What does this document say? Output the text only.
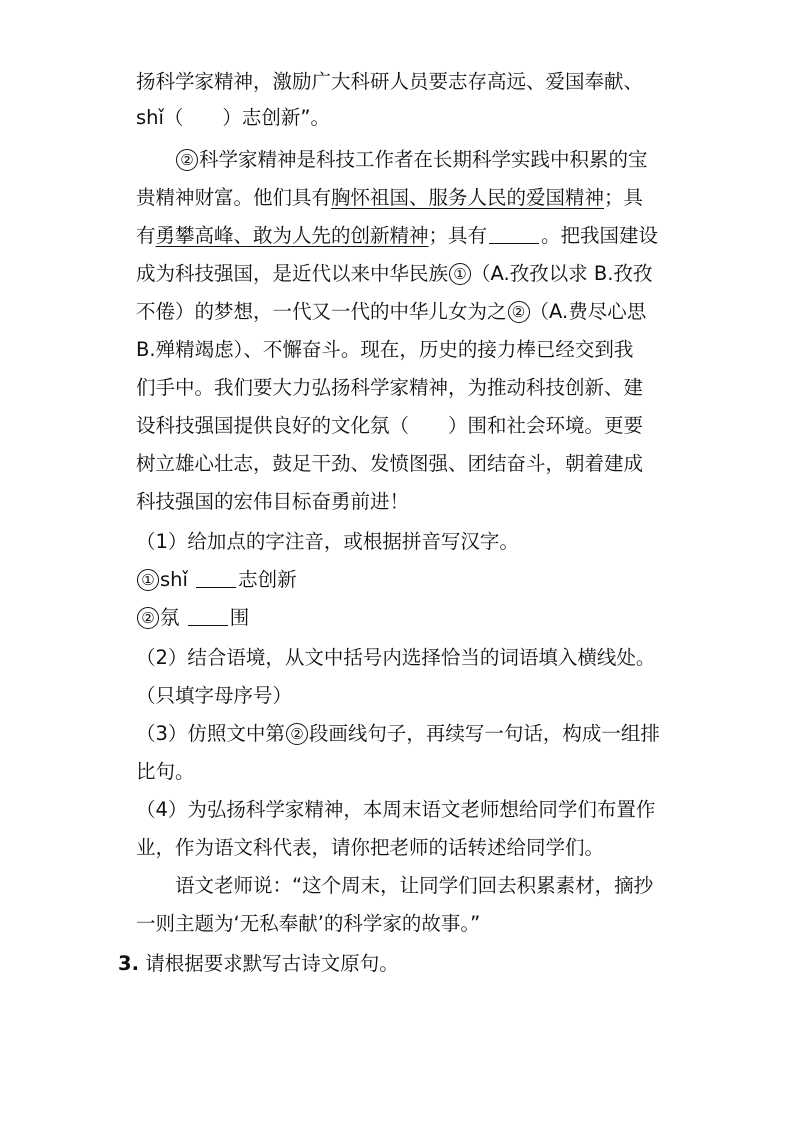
扬科学家精神，激励广大科研人员要志存高远、爱国奉献、
shǐ（　　）志创新”。
② 科学家精神是科技工作者在长期科学实践中积累的宝
贵精神财富。他们具有胸怀祖国、服务人民的爱国精神；具
有勇攀高峰、敢为人先的创新精神；具有	。把我国建设
成为科技强国，是近代以来中华民族 ① （A.孜孜以求 B.孜孜
不倦）的梦想，一代又一代的中华儿女为之 ② （A.费尽心思
B.殚精竭虑）、不懈奋斗。现在，历史的接力棒已经交到我
们手中。我们要大力弘扬科学家精神，为推动科技创新、建
设科技强国提供良好的文化氛（　　）围和社会环境。更要
树立雄心壮志，鼓足干劲、发愤图强、团结奋斗，朝着建成
科技强国的宏伟目标奋勇前进！
（1）给加点的字注音，或根据拼音写汉字。
① shǐ	志创新
② 氛	围
（2）结合语境，从文中括号内选择恰当的词语填入横线处。
（只填字母序号）
（3）仿照文中第 ② 段画线句子，再续写一句话，构成一组排
比句。
（4）为弘扬科学家精神，本周末语文老师想给同学们布置作
业，作为语文科代表，请你把老师的话转述给同学们。
语文老师说：“这个周末，让同学们回去积累素材，摘抄
一则主题为‘无私奉献’的科学家的故事。”
3. 请根据要求默写古诗文原句。
